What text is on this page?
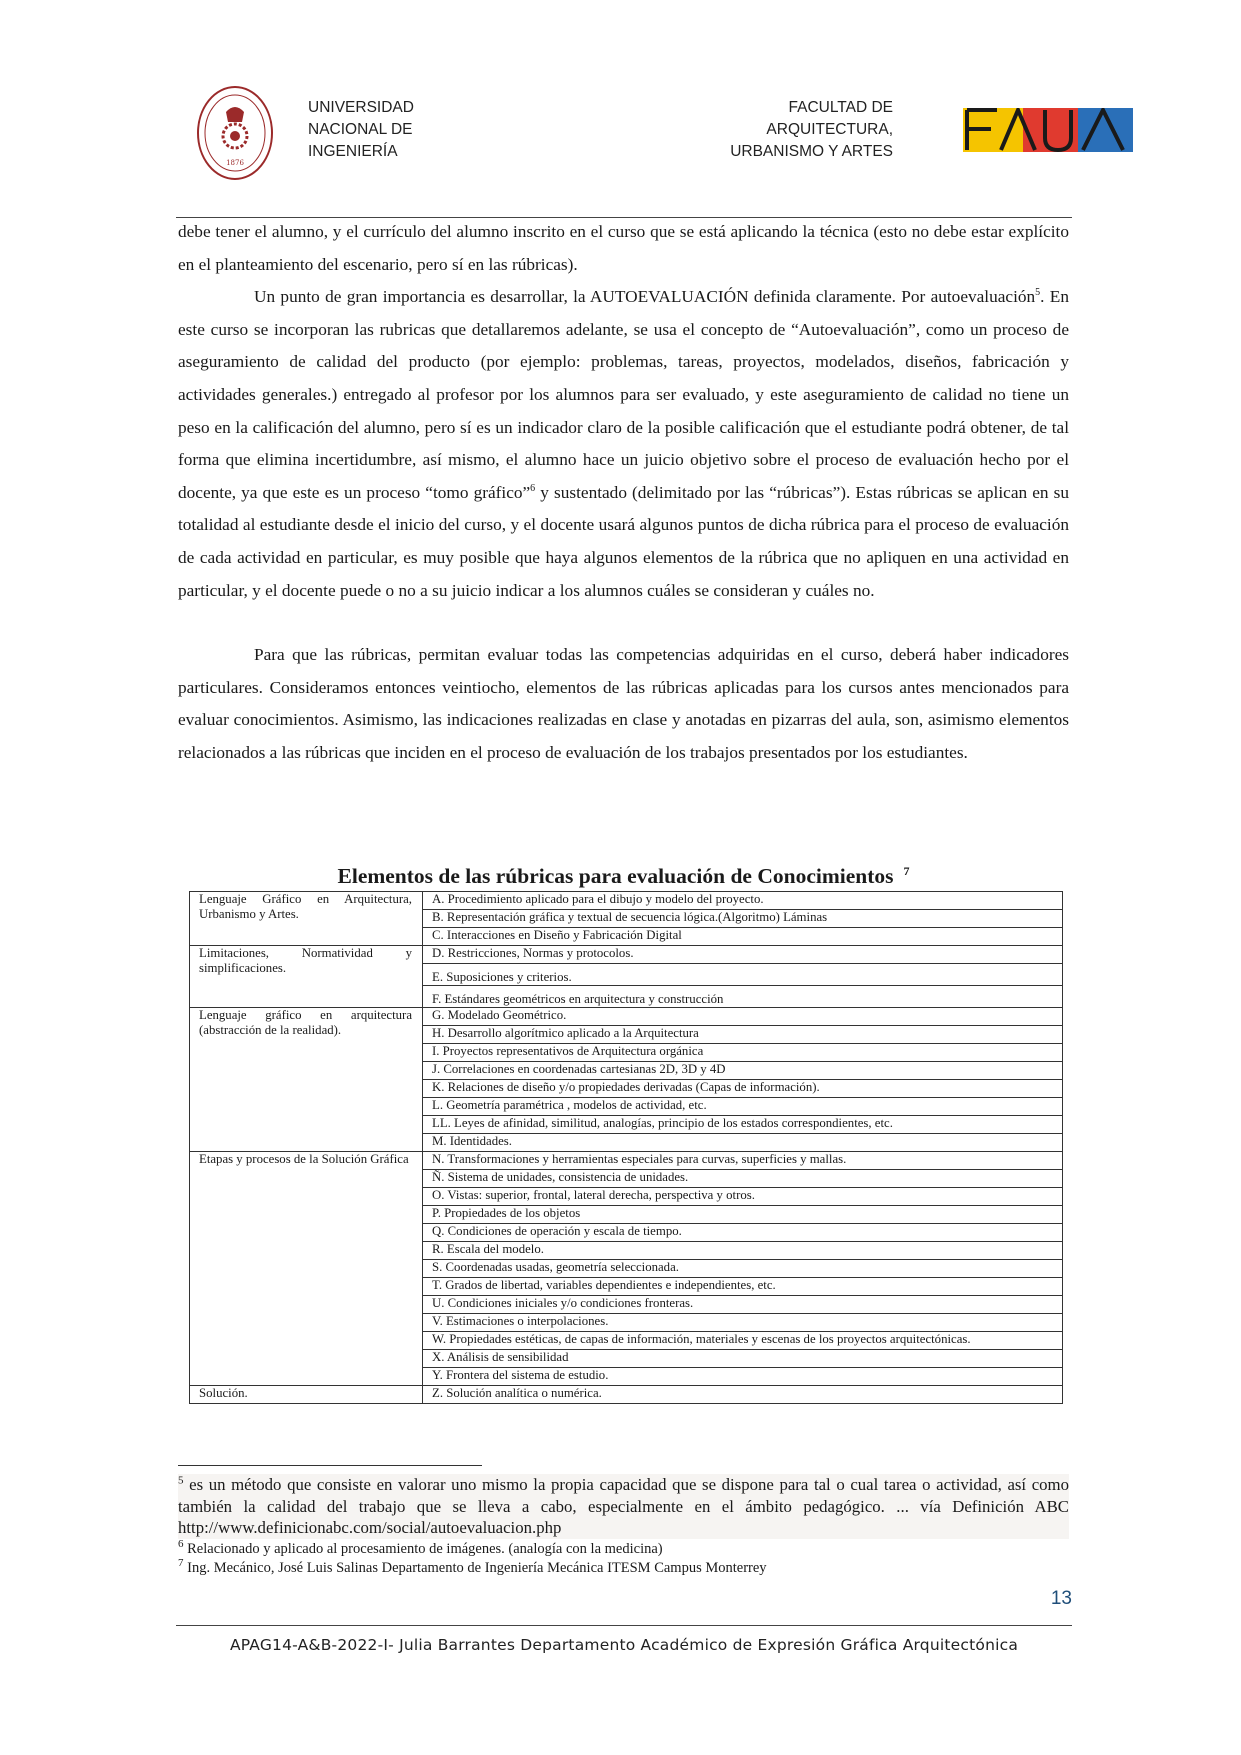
1876
UNIVERSIDAD
NACIONAL DE
INGENIERÍA
FACULTAD DE
ARQUITECTURA,
URBANISMO Y ARTES

debe tener el alumno, y el currículo del alumno inscrito en el curso que se está aplicando la técnica (esto no debe estar explícito en el planteamiento del escenario, pero sí en las rúbricas).

Un punto de gran importancia es desarrollar, la AUTOEVALUACIÓN definida claramente. Por autoevaluación$^5$. En este curso se incorporan las rubricas que detallaremos adelante, se usa el concepto de “Autoevaluación”, como un proceso de aseguramiento de calidad del producto (por ejemplo: problemas, tareas, proyectos, modelados, diseños, fabricación y actividades generales.) entregado al profesor por los alumnos para ser evaluado, y este aseguramiento de calidad no tiene un peso en la calificación del alumno, pero sí es un indicador claro de la posible calificación que el estudiante podrá obtener, de tal forma que elimina incertidumbre, así mismo, el alumno hace un juicio objetivo sobre el proceso de evaluación hecho por el docente, ya que este es un proceso “tomo gráfico”$^6$ y sustentado (delimitado por las “rúbricas”). Estas rúbricas se aplican en su totalidad al estudiante desde el inicio del curso, y el docente usará algunos puntos de dicha rúbrica para el proceso de evaluación de cada actividad en particular, es muy posible que haya algunos elementos de la rúbrica que no apliquen en una actividad en particular, y el docente puede o no a su juicio indicar a los alumnos cuáles se consideran y cuáles no.

Para que las rúbricas, permitan evaluar todas las competencias adquiridas en el curso, deberá haber indicadores particulares. Consideramos entonces veintiocho, elementos de las rúbricas aplicadas para los cursos antes mencionados para evaluar conocimientos. Asimismo, las indicaciones realizadas en clase y anotadas en pizarras del aula, son, asimismo elementos relacionados a las rúbricas que inciden en el proceso de evaluación de los trabajos presentados por los estudiantes.

Elementos de las rúbricas para evaluación de Conocimientos $^7$
Lenguaje Gráfico en Arquitectura, Urbanismo y Artes.	A. Procedimiento aplicado para el dibujo y modelo del proyecto.
	B. Representación gráfica y textual de secuencia lógica.(Algoritmo) Láminas
	C. Interacciones en Diseño y Fabricación Digital

Limitaciones, Normatividad y simplificaciones.	D. Restricciones, Normas y protocolos.
	E. Suposiciones y criterios.
	F. Estándares geométricos en arquitectura y construcción

Lenguaje gráfico en arquitectura (abstracción de la realidad).	G. Modelado Geométrico.
	H. Desarrollo algorítmico aplicado a la Arquitectura
	I. Proyectos representativos de Arquitectura orgánica
	J. Correlaciones en coordenadas cartesianas 2D, 3D y 4D
	K. Relaciones de diseño y/o propiedades derivadas (Capas de información).
	L. Geometría paramétrica , modelos de actividad, etc.
	LL. Leyes de afinidad, similitud, analogías, principio de los estados correspondientes, etc.
	M. Identidades.

Etapas y procesos de la Solución Gráfica	N. Transformaciones y herramientas especiales para curvas, superficies y mallas.
	Ñ. Sistema de unidades, consistencia de unidades.
	O. Vistas: superior, frontal, lateral derecha, perspectiva y otros.
	P. Propiedades de los objetos
	Q. Condiciones de operación y escala de tiempo.
	R. Escala del modelo.
	S. Coordenadas usadas, geometría seleccionada.
	T. Grados de libertad, variables dependientes e independientes, etc.
	U. Condiciones iniciales y/o condiciones fronteras.
	V. Estimaciones o interpolaciones.
	W. Propiedades estéticas, de capas de información, materiales y escenas de los proyectos arquitectónicas.
	X. Análisis de sensibilidad
	Y. Frontera del sistema de estudio.

Solución.	Z. Solución analítica o numérica.
$^5$ es un método que consiste en valorar uno mismo la propia capacidad que se dispone para tal o cual tarea o actividad, así como también la calidad del trabajo que se lleva a cabo, especialmente en el ámbito pedagógico. ... vía Definición ABC http://www.definicionabc.com/social/autoevaluacion.php
$^6$ Relacionado y aplicado al procesamiento de imágenes. (analogía con la medicina)
$^7$ Ing. Mecánico, José Luis Salinas Departamento de Ingeniería Mecánica ITESM Campus Monterrey
13
APAG14-A&B-2022-I- Julia Barrantes Departamento Académico de Expresión Gráfica Arquitectónica
